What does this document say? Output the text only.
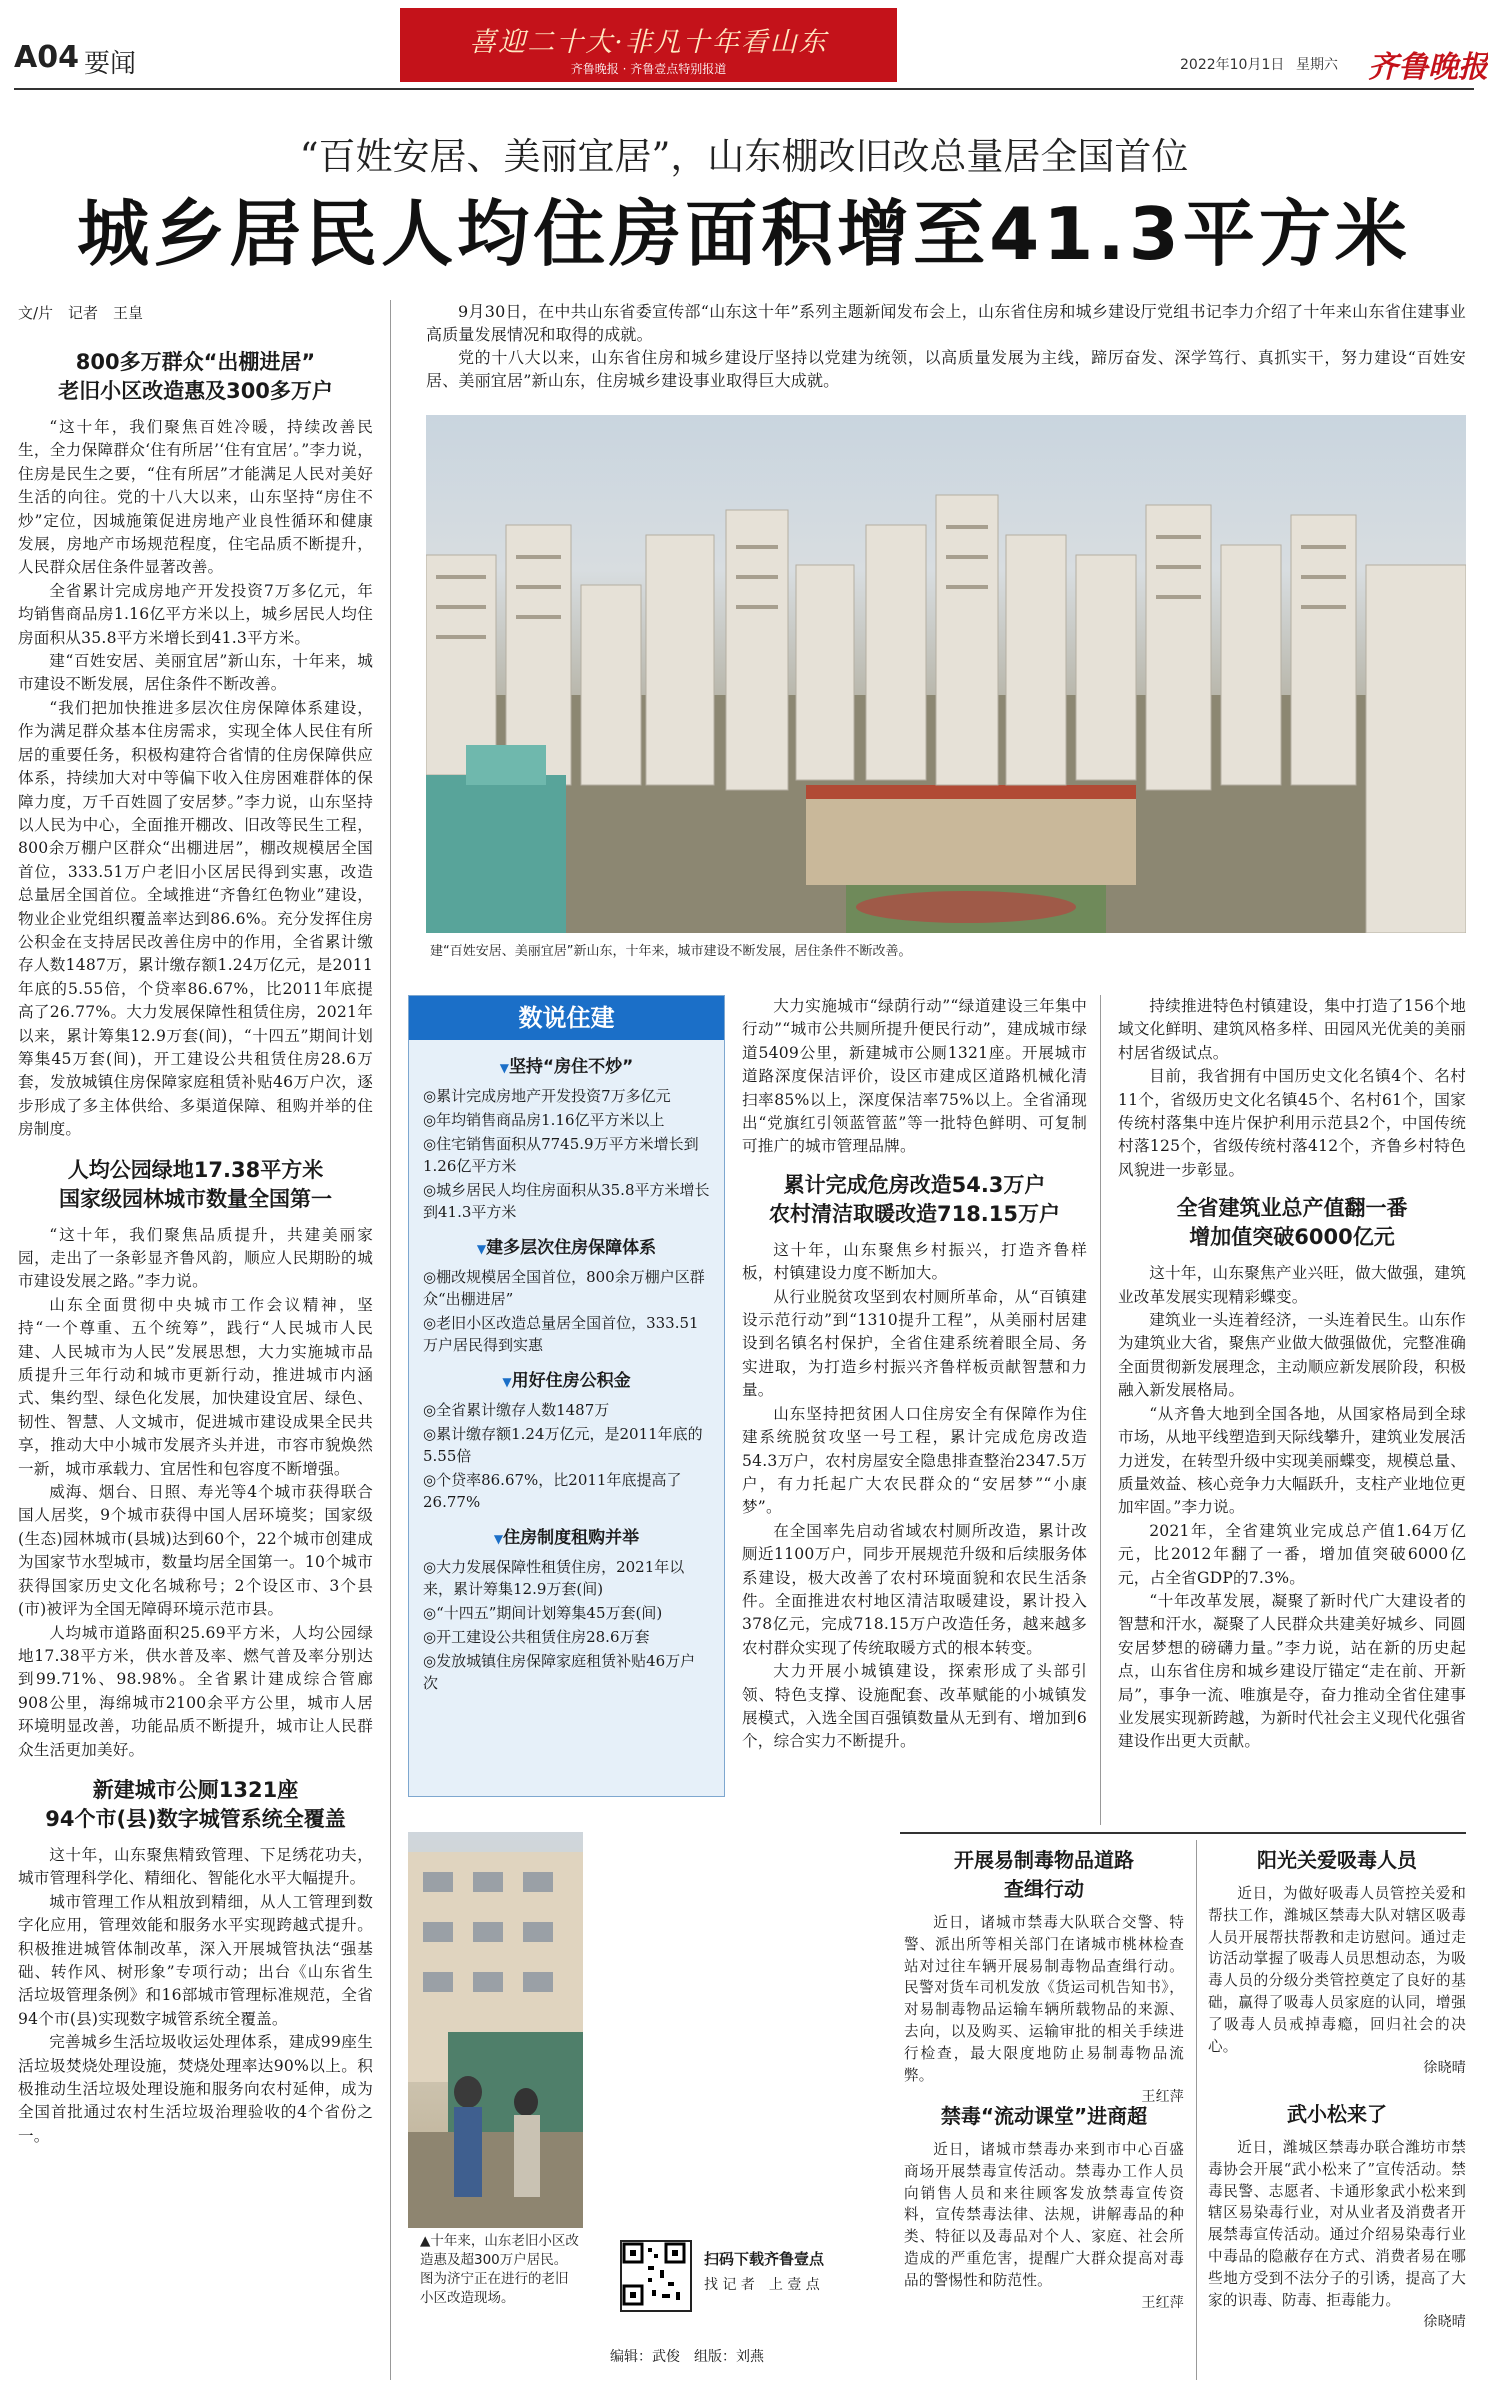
A04 要闻
喜迎二十大·非凡十年看山东
齐鲁晚报 · 齐鲁壹点特别报道	2022年10月1日 星期六 齐鲁晚报
“百姓安居、美丽宜居”，山东棚改旧改总量居全国首位
城乡居民人均住房面积增至41.3平方米
文/片　记者　王皇

800多万群众“出棚进居”

老旧小区改造惠及300多万户

“这十年，我们聚焦百姓冷暖，持续改善民生，全力保障群众‘住有所居’‘住有宜居’。”李力说，住房是民生之要，“住有所居”才能满足人民对美好生活的向往。党的十八大以来，山东坚持“房住不炒”定位，因城施策促进房地产业良性循环和健康发展，房地产市场规范程度，住宅品质不断提升，人民群众居住条件显著改善。

全省累计完成房地产开发投资7万多亿元，年均销售商品房1.16亿平方米以上，城乡居民人均住房面积从35.8平方米增长到41.3平方米。

建“百姓安居、美丽宜居”新山东，十年来，城市建设不断发展，居住条件不断改善。

“我们把加快推进多层次住房保障体系建设，作为满足群众基本住房需求，实现全体人民住有所居的重要任务，积极构建符合省情的住房保障供应体系，持续加大对中等偏下收入住房困难群体的保障力度，万千百姓圆了安居梦。”李力说，山东坚持以人民为中心，全面推开棚改、旧改等民生工程，800余万棚户区群众“出棚进居”，棚改规模居全国首位，333.51万户老旧小区居民得到实惠，改造总量居全国首位。全域推进“齐鲁红色物业”建设，物业企业党组织覆盖率达到86.6%。充分发挥住房公积金在支持居民改善住房中的作用，全省累计缴存人数1487万，累计缴存额1.24万亿元，是2011年底的5.55倍，个贷率86.67%，比2011年底提高了26.77%。大力发展保障性租赁住房，2021年以来，累计筹集12.9万套(间)，“十四五”期间计划筹集45万套(间)，开工建设公共租赁住房28.6万套，发放城镇住房保障家庭租赁补贴46万户次，逐步形成了多主体供给、多渠道保障、租购并举的住房制度。

人均公园绿地17.38平方米

国家级园林城市数量全国第一

“这十年，我们聚焦品质提升，共建美丽家园，走出了一条彰显齐鲁风韵，顺应人民期盼的城市建设发展之路。”李力说。

山东全面贯彻中央城市工作会议精神，坚持“一个尊重、五个统筹”，践行“人民城市人民建、人民城市为人民”发展思想，大力实施城市品质提升三年行动和城市更新行动，推进城市内涵式、集约型、绿色化发展，加快建设宜居、绿色、韧性、智慧、人文城市，促进城市建设成果全民共享，推动大中小城市发展齐头并进，市容市貌焕然一新，城市承载力、宜居性和包容度不断增强。

威海、烟台、日照、寿光等4个城市获得联合国人居奖，9个城市获得中国人居环境奖；国家级(生态)园林城市(县城)达到60个，22个城市创建成为国家节水型城市，数量均居全国第一。10个城市获得国家历史文化名城称号；2个设区市、3个县(市)被评为全国无障碍环境示范市县。

人均城市道路面积25.69平方米，人均公园绿地17.38平方米，供水普及率、燃气普及率分别达到99.71%、98.98%。全省累计建成综合管廊908公里，海绵城市2100余平方公里，城市人居环境明显改善，功能品质不断提升，城市让人民群众生活更加美好。

新建城市公厕1321座

94个市(县)数字城管系统全覆盖

这十年，山东聚焦精致管理、下足绣花功夫，城市管理科学化、精细化、智能化水平大幅提升。

城市管理工作从粗放到精细，从人工管理到数字化应用，管理效能和服务水平实现跨越式提升。积极推进城管体制改革，深入开展城管执法“强基础、转作风、树形象”专项行动；出台《山东省生活垃圾管理条例》和16部城市管理标准规范，全省94个市(县)实现数字城管系统全覆盖。

完善城乡生活垃圾收运处理体系，建成99座生活垃圾焚烧处理设施，焚烧处理率达90%以上。积极推动生活垃圾处理设施和服务向农村延伸，成为全国首批通过农村生活垃圾治理验收的4个省份之一。

9月30日，在中共山东省委宣传部“山东这十年”系列主题新闻发布会上，山东省住房和城乡建设厅党组书记李力介绍了十年来山东省住建事业高质量发展情况和取得的成就。

党的十八大以来，山东省住房和城乡建设厅坚持以党建为统领，以高质量发展为主线，蹄厉奋发、深学笃行、真抓实干，努力建设“百姓安居、美丽宜居”新山东，住房城乡建设事业取得巨大成就。

建“百姓安居、美丽宜居”新山东，十年来，城市建设不断发展，居住条件不断改善。
数说住建
▼坚持“房住不炒”

◎累计完成房地产开发投资7万多亿元

◎年均销售商品房1.16亿平方米以上

◎住宅销售面积从7745.9万平方米增长到1.26亿平方米

◎城乡居民人均住房面积从35.8平方米增长到41.3平方米

▼建多层次住房保障体系

◎棚改规模居全国首位，800余万棚户区群众“出棚进居”

◎老旧小区改造总量居全国首位，333.51万户居民得到实惠

▼用好住房公积金

◎全省累计缴存人数1487万

◎累计缴存额1.24万亿元，是2011年底的5.55倍

◎个贷率86.67%，比2011年底提高了26.77%

▼住房制度租购并举

◎大力发展保障性租赁住房，2021年以来，累计筹集12.9万套(间)

◎“十四五”期间计划筹集45万套(间)

◎开工建设公共租赁住房28.6万套

◎发放城镇住房保障家庭租赁补贴46万户次

▲十年来，山东老旧小区改造惠及超300万户居民。图为济宁正在进行的老旧小区改造现场。
扫码下载齐鲁壹点
找 记 者　上 壹 点
编辑：武俊　组版：刘燕

大力实施城市“绿荫行动”“绿道建设三年集中行动”“城市公共厕所提升便民行动”，建成城市绿道5409公里，新建城市公厕1321座。开展城市道路深度保洁评价，设区市建成区道路机械化清扫率85%以上，深度保洁率75%以上。全省涌现出“党旗红引领蓝管蓝”等一批特色鲜明、可复制可推广的城市管理品牌。

累计完成危房改造54.3万户

农村清洁取暖改造718.15万户

这十年，山东聚焦乡村振兴，打造齐鲁样板，村镇建设力度不断加大。

从行业脱贫攻坚到农村厕所革命，从“百镇建设示范行动”到“1310提升工程”，从美丽村居建设到名镇名村保护，全省住建系统着眼全局、务实进取，为打造乡村振兴齐鲁样板贡献智慧和力量。

山东坚持把贫困人口住房安全有保障作为住建系统脱贫攻坚一号工程，累计完成危房改造54.3万户，农村房屋安全隐患排查整治2347.5万户，有力托起广大农民群众的“安居梦”“小康梦”。

在全国率先启动省域农村厕所改造，累计改厕近1100万户，同步开展规范升级和后续服务体系建设，极大改善了农村环境面貌和农民生活条件。全面推进农村地区清洁取暖建设，累计投入378亿元，完成718.15万户改造任务，越来越多农村群众实现了传统取暖方式的根本转变。

大力开展小城镇建设，探索形成了头部引领、特色支撑、设施配套、改革赋能的小城镇发展模式，入选全国百强镇数量从无到有、增加到6个，综合实力不断提升。

持续推进特色村镇建设，集中打造了156个地域文化鲜明、建筑风格多样、田园风光优美的美丽村居省级试点。

目前，我省拥有中国历史文化名镇4个、名村11个，省级历史文化名镇45个、名村61个，国家传统村落集中连片保护利用示范县2个，中国传统村落125个，省级传统村落412个，齐鲁乡村特色风貌进一步彰显。

全省建筑业总产值翻一番

增加值突破6000亿元

这十年，山东聚焦产业兴旺，做大做强，建筑业改革发展实现精彩蝶变。

建筑业一头连着经济，一头连着民生。山东作为建筑业大省，聚焦产业做大做强做优，完整准确全面贯彻新发展理念，主动顺应新发展阶段，积极融入新发展格局。

“从齐鲁大地到全国各地，从国家格局到全球市场，从地平线塑造到天际线攀升，建筑业发展活力迸发，在转型升级中实现美丽蝶变，规模总量、质量效益、核心竞争力大幅跃升，支柱产业地位更加牢固。”李力说。

2021年，全省建筑业完成总产值1.64万亿元，比2012年翻了一番，增加值突破6000亿元，占全省GDP的7.3%。

“十年改革发展，凝聚了新时代广大建设者的智慧和汗水，凝聚了人民群众共建美好城乡、同圆安居梦想的磅礴力量。”李力说，站在新的历史起点，山东省住房和城乡建设厅锚定“走在前、开新局”，事争一流、唯旗是夺，奋力推动全省住建事业发展实现新跨越，为新时代社会主义现代化强省建设作出更大贡献。

开展易制毒物品道路

查缉行动

近日，诸城市禁毒大队联合交警、特警、派出所等相关部门在诸城市桃林检查站对过往车辆开展易制毒物品查缉行动。民警对货车司机发放《货运司机告知书》，对易制毒物品运输车辆所载物品的来源、去向，以及购买、运输审批的相关手续进行检查，最大限度地防止易制毒物品流弊。

王红萍

禁毒“流动课堂”进商超

近日，诸城市禁毒办来到市中心百盛商场开展禁毒宣传活动。禁毒办工作人员向销售人员和来往顾客发放禁毒宣传资料，宣传禁毒法律、法规，讲解毒品的种类、特征以及毒品对个人、家庭、社会所造成的严重危害，提醒广大群众提高对毒品的警惕性和防范性。

王红萍

阳光关爱吸毒人员

近日，为做好吸毒人员管控关爱和帮扶工作，潍城区禁毒大队对辖区吸毒人员开展帮扶帮教和走访慰问。通过走访活动掌握了吸毒人员思想动态，为吸毒人员的分级分类管控奠定了良好的基础，赢得了吸毒人员家庭的认同，增强了吸毒人员戒掉毒瘾，回归社会的决心。

徐晓晴

武小松来了

近日，潍城区禁毒办联合潍坊市禁毒协会开展“武小松来了”宣传活动。禁毒民警、志愿者、卡通形象武小松来到辖区易染毒行业，对从业者及消费者开展禁毒宣传活动。通过介绍易染毒行业中毒品的隐蔽存在方式、消费者易在哪些地方受到不法分子的引诱，提高了大家的识毒、防毒、拒毒能力。

徐晓晴
